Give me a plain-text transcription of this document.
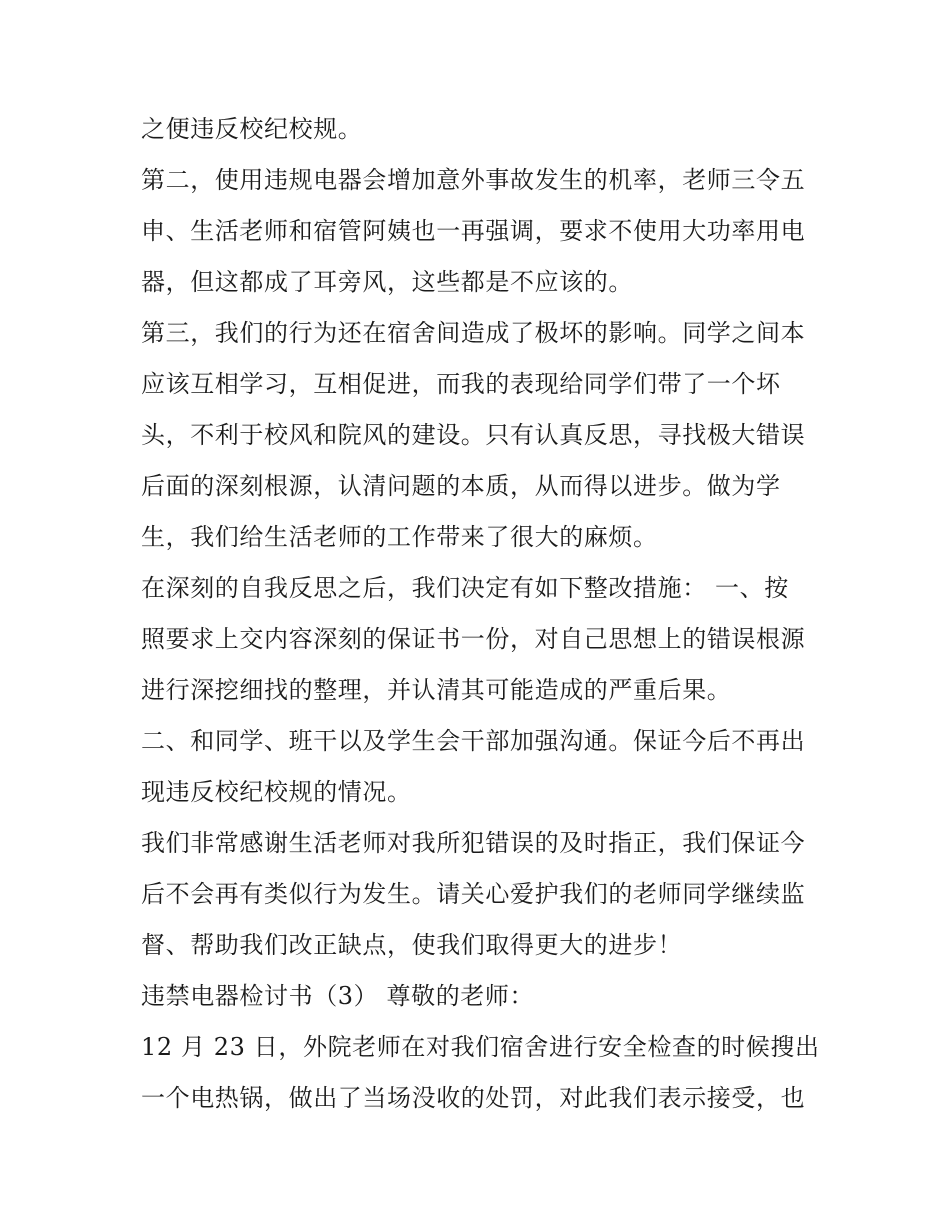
之便违反校纪校规。
第二，使用违规电器会增加意外事故发生的机率，老师三令五
申、生活老师和宿管阿姨也一再强调，要求不使用大功率用电
器，但这都成了耳旁风，这些都是不应该的。
第三，我们的行为还在宿舍间造成了极坏的影响。同学之间本
应该互相学习，互相促进，而我的表现给同学们带了一个坏
头，不利于校风和院风的建设。只有认真反思，寻找极大错误
后面的深刻根源，认清问题的本质，从而得以进步。做为学
生，我们给生活老师的工作带来了很大的麻烦。
在深刻的自我反思之后，我们决定有如下整改措施： 一、按
照要求上交内容深刻的保证书一份，对自己思想上的错误根源
进行深挖细找的整理，并认清其可能造成的严重后果。
二、和同学、班干以及学生会干部加强沟通。保证今后不再出
现违反校纪校规的情况。
我们非常感谢生活老师对我所犯错误的及时指正，我们保证今
后不会再有类似行为发生。请关心爱护我们的老师同学继续监
督、帮助我们改正缺点，使我们取得更大的进步！
违禁电器检讨书（3） 尊敬的老师：
12 月 23 日，外院老师在对我们宿舍进行安全检查的时候搜出
一个电热锅，做出了当场没收的处罚，对此我们表示接受，也
